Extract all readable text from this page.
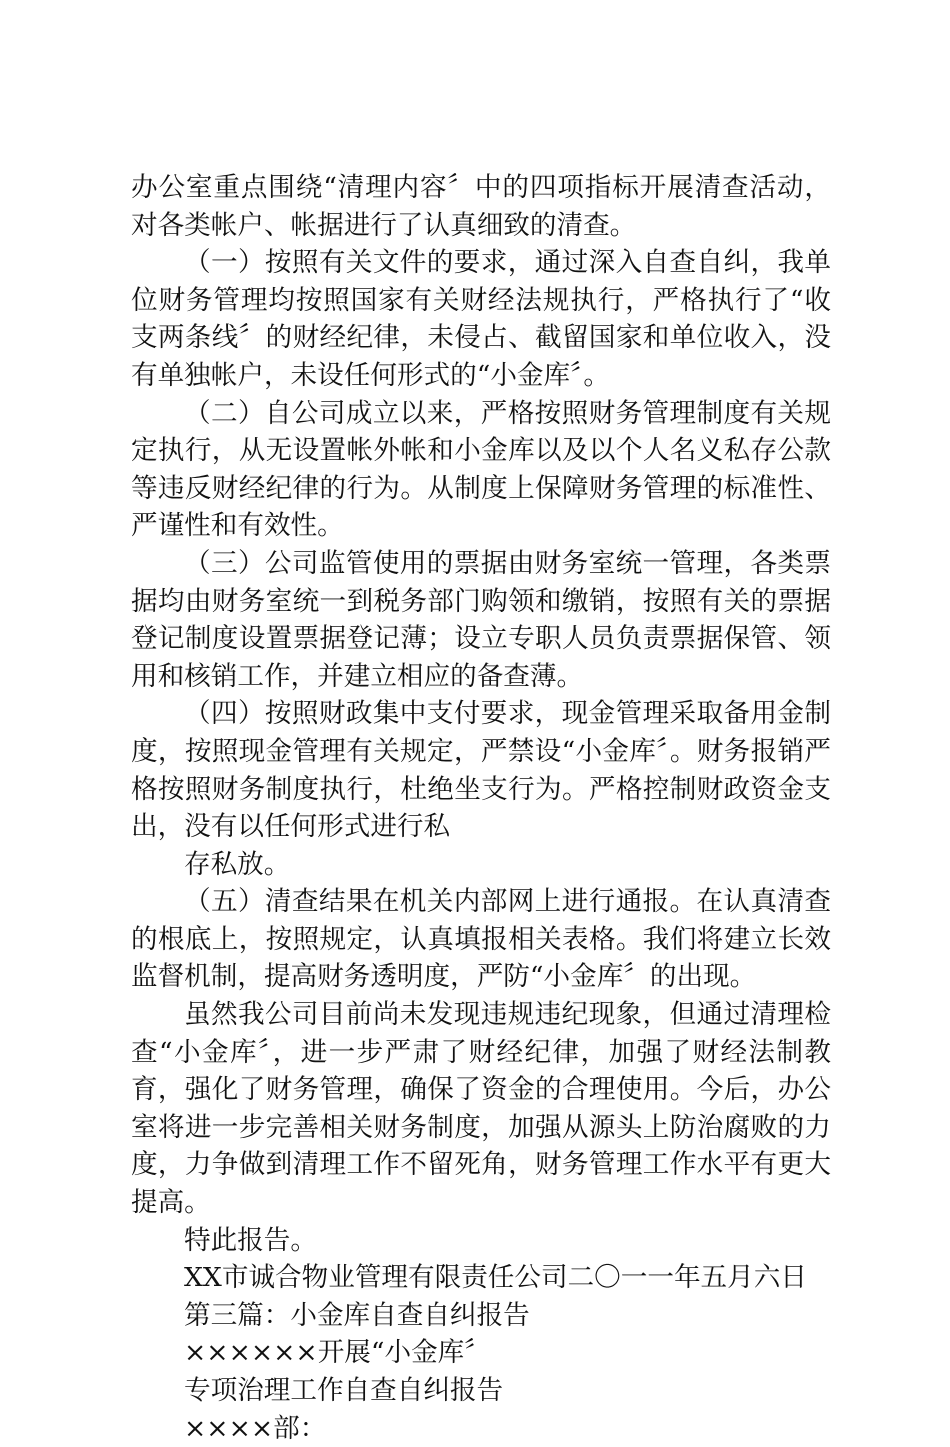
办公室重点围绕“清理内容〞中的四项指标开展清查活动，对各类帐户、帐据进行了认真细致的清查。

（一）按照有关文件的要求，通过深入自查自纠，我单位财务管理均按照国家有关财经法规执行，严格执行了“收支两条线〞的财经纪律，未侵占、截留国家和单位收入，没有单独帐户，未设任何形式的“小金库〞。

（二）自公司成立以来，严格按照财务管理制度有关规定执行，从无设置帐外帐和小金库以及以个人名义私存公款等违反财经纪律的行为。从制度上保障财务管理的标准性、严谨性和有效性。

（三）公司监管使用的票据由财务室统一管理，各类票据均由财务室统一到税务部门购领和缴销，按照有关的票据登记制度设置票据登记薄；设立专职人员负责票据保管、领用和核销工作，并建立相应的备查薄。

（四）按照财政集中支付要求，现金管理采取备用金制度，按照现金管理有关规定，严禁设“小金库〞。财务报销严格按照财务制度执行，杜绝坐支行为。严格控制财政资金支出，没有以任何形式进行私

存私放。

（五）清查结果在机关内部网上进行通报。在认真清查的根底上，按照规定，认真填报相关表格。我们将建立长效监督机制，提高财务透明度，严防“小金库〞的出现。

虽然我公司目前尚未发现违规违纪现象，但通过清理检查“小金库〞，进一步严肃了财经纪律，加强了财经法制教育，强化了财务管理，确保了资金的合理使用。今后，办公室将进一步完善相关财务制度，加强从源头上防治腐败的力度，力争做到清理工作不留死角，财务管理工作水平有更大提高。

特此报告。

XX市诚合物业管理有限责任公司二〇一一年五月六日

第三篇：小金库自查自纠报告

××××××开展“小金库〞

专项治理工作自查自纠报告

××××部：
